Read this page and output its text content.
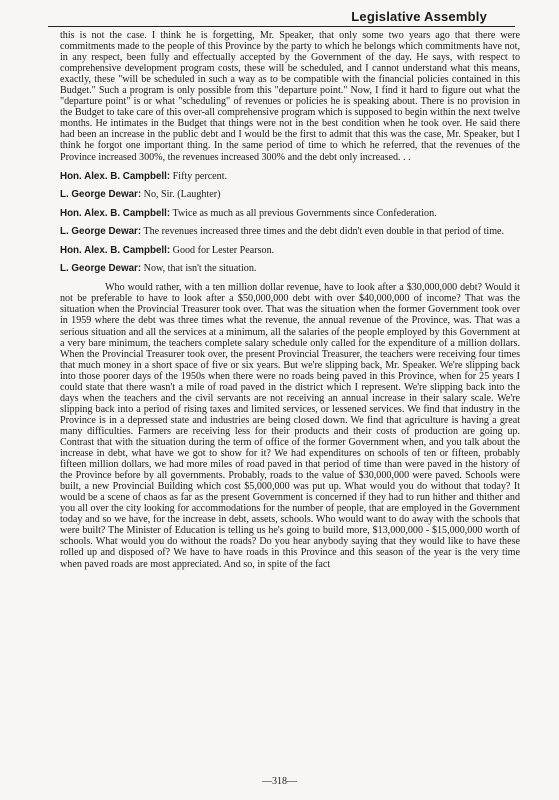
Legislative Assembly

this is not the case. I think he is forgetting, Mr. Speaker, that only some two years ago that there were commitments made to the people of this Province by the party to which he belongs which commitments have not, in any respect, been fully and effectually accepted by the Government of the day. He says, with respect to comprehensive development program costs, these will be scheduled, and I cannot understand what this means, exactly, these "will be scheduled in such a way as to be compatible with the financial policies contained in this Budget." Such a program is only possible from this "departure point." Now, I find it hard to figure out what the "departure point" is or what "scheduling" of revenues or policies he is speaking about. There is no provision in the Budget to take care of this over-all comprehensive program which is supposed to begin within the next twelve months. He intimates in the Budget that things were not in the best condition when he took over. He said there had been an increase in the public debt and I would be the first to admit that this was the case, Mr. Speaker, but I think he forgot one important thing. In the same period of time to which he referred, that the revenues of the Province increased 300%, the revenues increased 300% and the debt only increased. . .

Hon. Alex. B. Campbell: Fifty percent.

L. George Dewar: No, Sir. (Laughter)

Hon. Alex. B. Campbell: Twice as much as all previous Governments since Confederation.

L. George Dewar: The revenues increased three times and the debt didn't even double in that period of time.

Hon. Alex. B. Campbell: Good for Lester Pearson.

L. George Dewar: Now, that isn't the situation.

Who would rather, with a ten million dollar revenue, have to look after a $30,000,000 debt? Would it not be preferable to have to look after a $50,000,000 debt with over $40,000,000 of income? That was the situation when the Provincial Treasurer took over. That was the situation when the former Government took over in 1959 where the debt was three times what the revenue, the annual revenue of the Province, was. That was a serious situation and all the services at a minimum, all the salaries of the people employed by this Government at a very bare minimum, the teachers complete salary schedule only called for the expenditure of a million dollars. When the Provincial Treasurer took over, the present Provincial Treasurer, the teachers were receiving four times that much money in a short space of five or six years. But we're slipping back, Mr. Speaker. We're slipping back into those poorer days of the 1950s when there were no roads being paved in this Province, when for 25 years I could state that there wasn't a mile of road paved in the district which I represent. We're slipping back into the days when the teachers and the civil servants are not receiving an annual increase in their salary scale. We're slipping back into a period of rising taxes and limited services, or lessened services. We find that industry in the Province is in a depressed state and industries are being closed down. We find that agriculture is having a great many difficulties. Farmers are receiving less for their products and their costs of production are going up. Contrast that with the situation during the term of office of the former Government when, and you talk about the increase in debt, what have we got to show for it? We had expenditures on schools of ten or fifteen, probably fifteen million dollars, we had more miles of road paved in that period of time than were paved in the history of the Province before by all governments. Probably, roads to the value of $30,000,000 were paved. Schools were built, a new Provincial Building which cost $5,000,000 was put up. What would you do without that today? It would be a scene of chaos as far as the present Government is concerned if they had to run hither and thither and you all over the city looking for accommodations for the number of people, that are employed in the Government today and so we have, for the increase in debt, assets, schools. Who would want to do away with the schools that were built? The Minister of Education is telling us he's going to build more, $13,000,000 - $15,000,000 worth of schools. What would you do without the roads? Do you hear anybody saying that they would like to have these rolled up and disposed of? We have to have roads in this Province and this season of the year is the very time when paved roads are most appreciated. And so, in spite of the fact

—318—
